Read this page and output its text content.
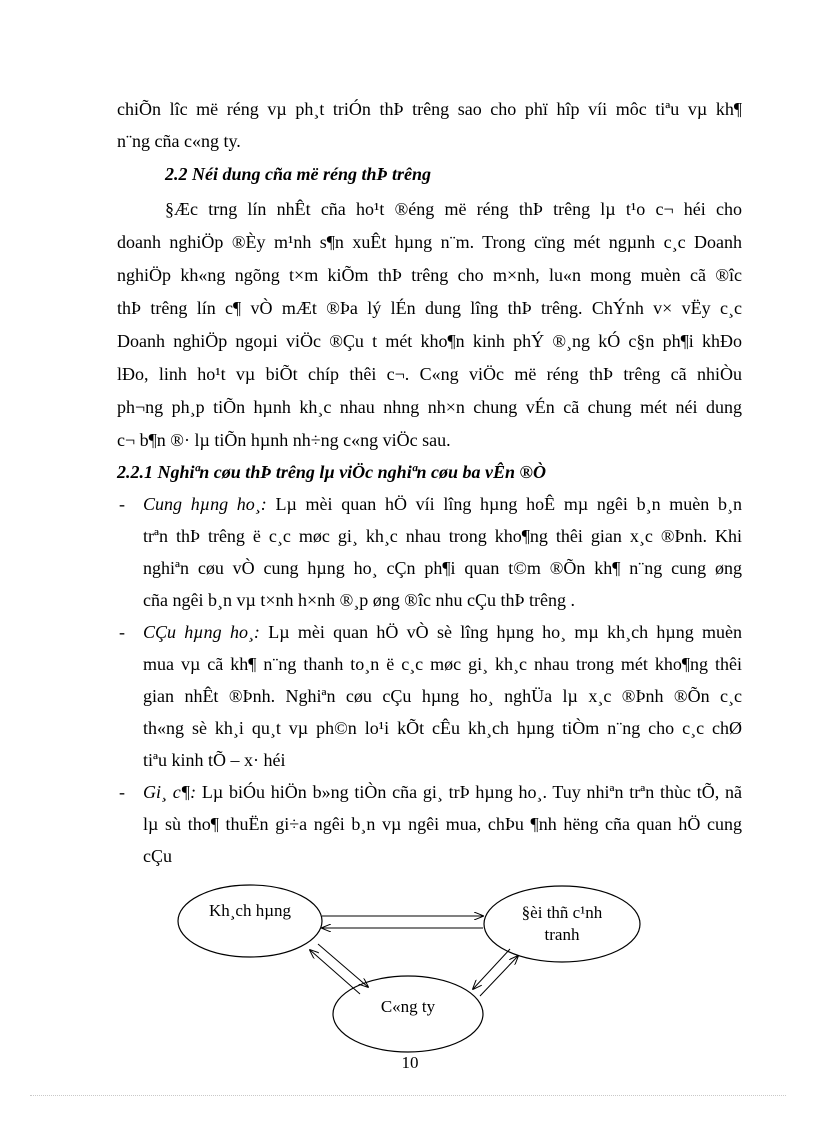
chiÕn lîc më réng vµ ph¸t triÓn thÞ trêng sao cho phï hîp víi môc tiªu vµ kh¶
n¨ng cña c«ng ty.
2.2 Néi dung cña më réng thÞ trêng
§Æc trng lín nhÊt cña ho¹t ®éng më réng thÞ trêng lµ t¹o c¬ héi cho
doanh nghiÖp ®Èy m¹nh s¶n xuÊt hµng n¨m. Trong cïng mét ngµnh c¸c Doanh
nghiÖp kh«ng ngõng t×m kiÕm thÞ trêng cho m×nh, lu«n mong muèn cã ®îc
thÞ trêng lín c¶ vÒ mÆt ®Þa lý lÉn dung lîng thÞ trêng. ChÝnh v× vËy c¸c
Doanh nghiÖp ngoµi viÖc ®Çu t mét kho¶n kinh phÝ ®¸ng kÓ c§n ph¶i khÐo
lÐo, linh ho¹t vµ biÕt chíp thêi c¬. C«ng viÖc më réng thÞ trêng cã nhiÒu
ph¬ng ph¸p tiÕn hµnh kh¸c nhau nhng nh×n chung vÉn cã chung mét néi dung
c¬ b¶n ®· lµ tiÕn hµnh nh÷ng c«ng viÖc sau.
2.2.1 Nghiªn cøu thÞ trêng lµ viÖc nghiªn cøu ba vÊn ®Ò
- Cung hµng ho¸: Lµ mèi quan hÖ víi lîng hµng hoÊ mµ ngêi b¸n muèn b¸n
trªn thÞ trêng ë c¸c møc gi¸ kh¸c nhau trong kho¶ng thêi gian x¸c ®Þnh. Khi
nghiªn cøu vÒ cung hµng ho¸ cÇn ph¶i quan t©m ®Õn kh¶ n¨ng cung øng
cña ngêi b¸n vµ t×nh h×nh ®¸p øng ®îc nhu cÇu thÞ trêng .
- CÇu hµng ho¸: Lµ mèi quan hÖ vÒ sè lîng hµng ho¸ mµ kh¸ch hµng muèn
mua vµ cã kh¶ n¨ng thanh to¸n ë c¸c møc gi¸ kh¸c nhau trong mét kho¶ng thêi
gian nhÊt ®Þnh. Nghiªn cøu cÇu hµng ho¸ nghÜa lµ x¸c ®Þnh ®Õn c¸c
th«ng sè kh¸i qu¸t vµ ph©n lo¹i kÕt cÊu kh¸ch hµng tiÒm n¨ng cho c¸c chØ
tiªu kinh tÕ – x· héi
- Gi¸ c¶: Lµ biÓu hiÖn b»ng tiÒn cña gi¸ trÞ hµng ho¸. Tuy nhiªn trªn thùc tÕ, nã
lµ sù tho¶ thuËn gi÷a ngêi b¸n vµ ngêi mua, chÞu ¶nh hëng cña quan hÖ cung
cÇu
Kh¸ch hµng	§èi thñ c¹nh
tranh
C«ng ty
10
